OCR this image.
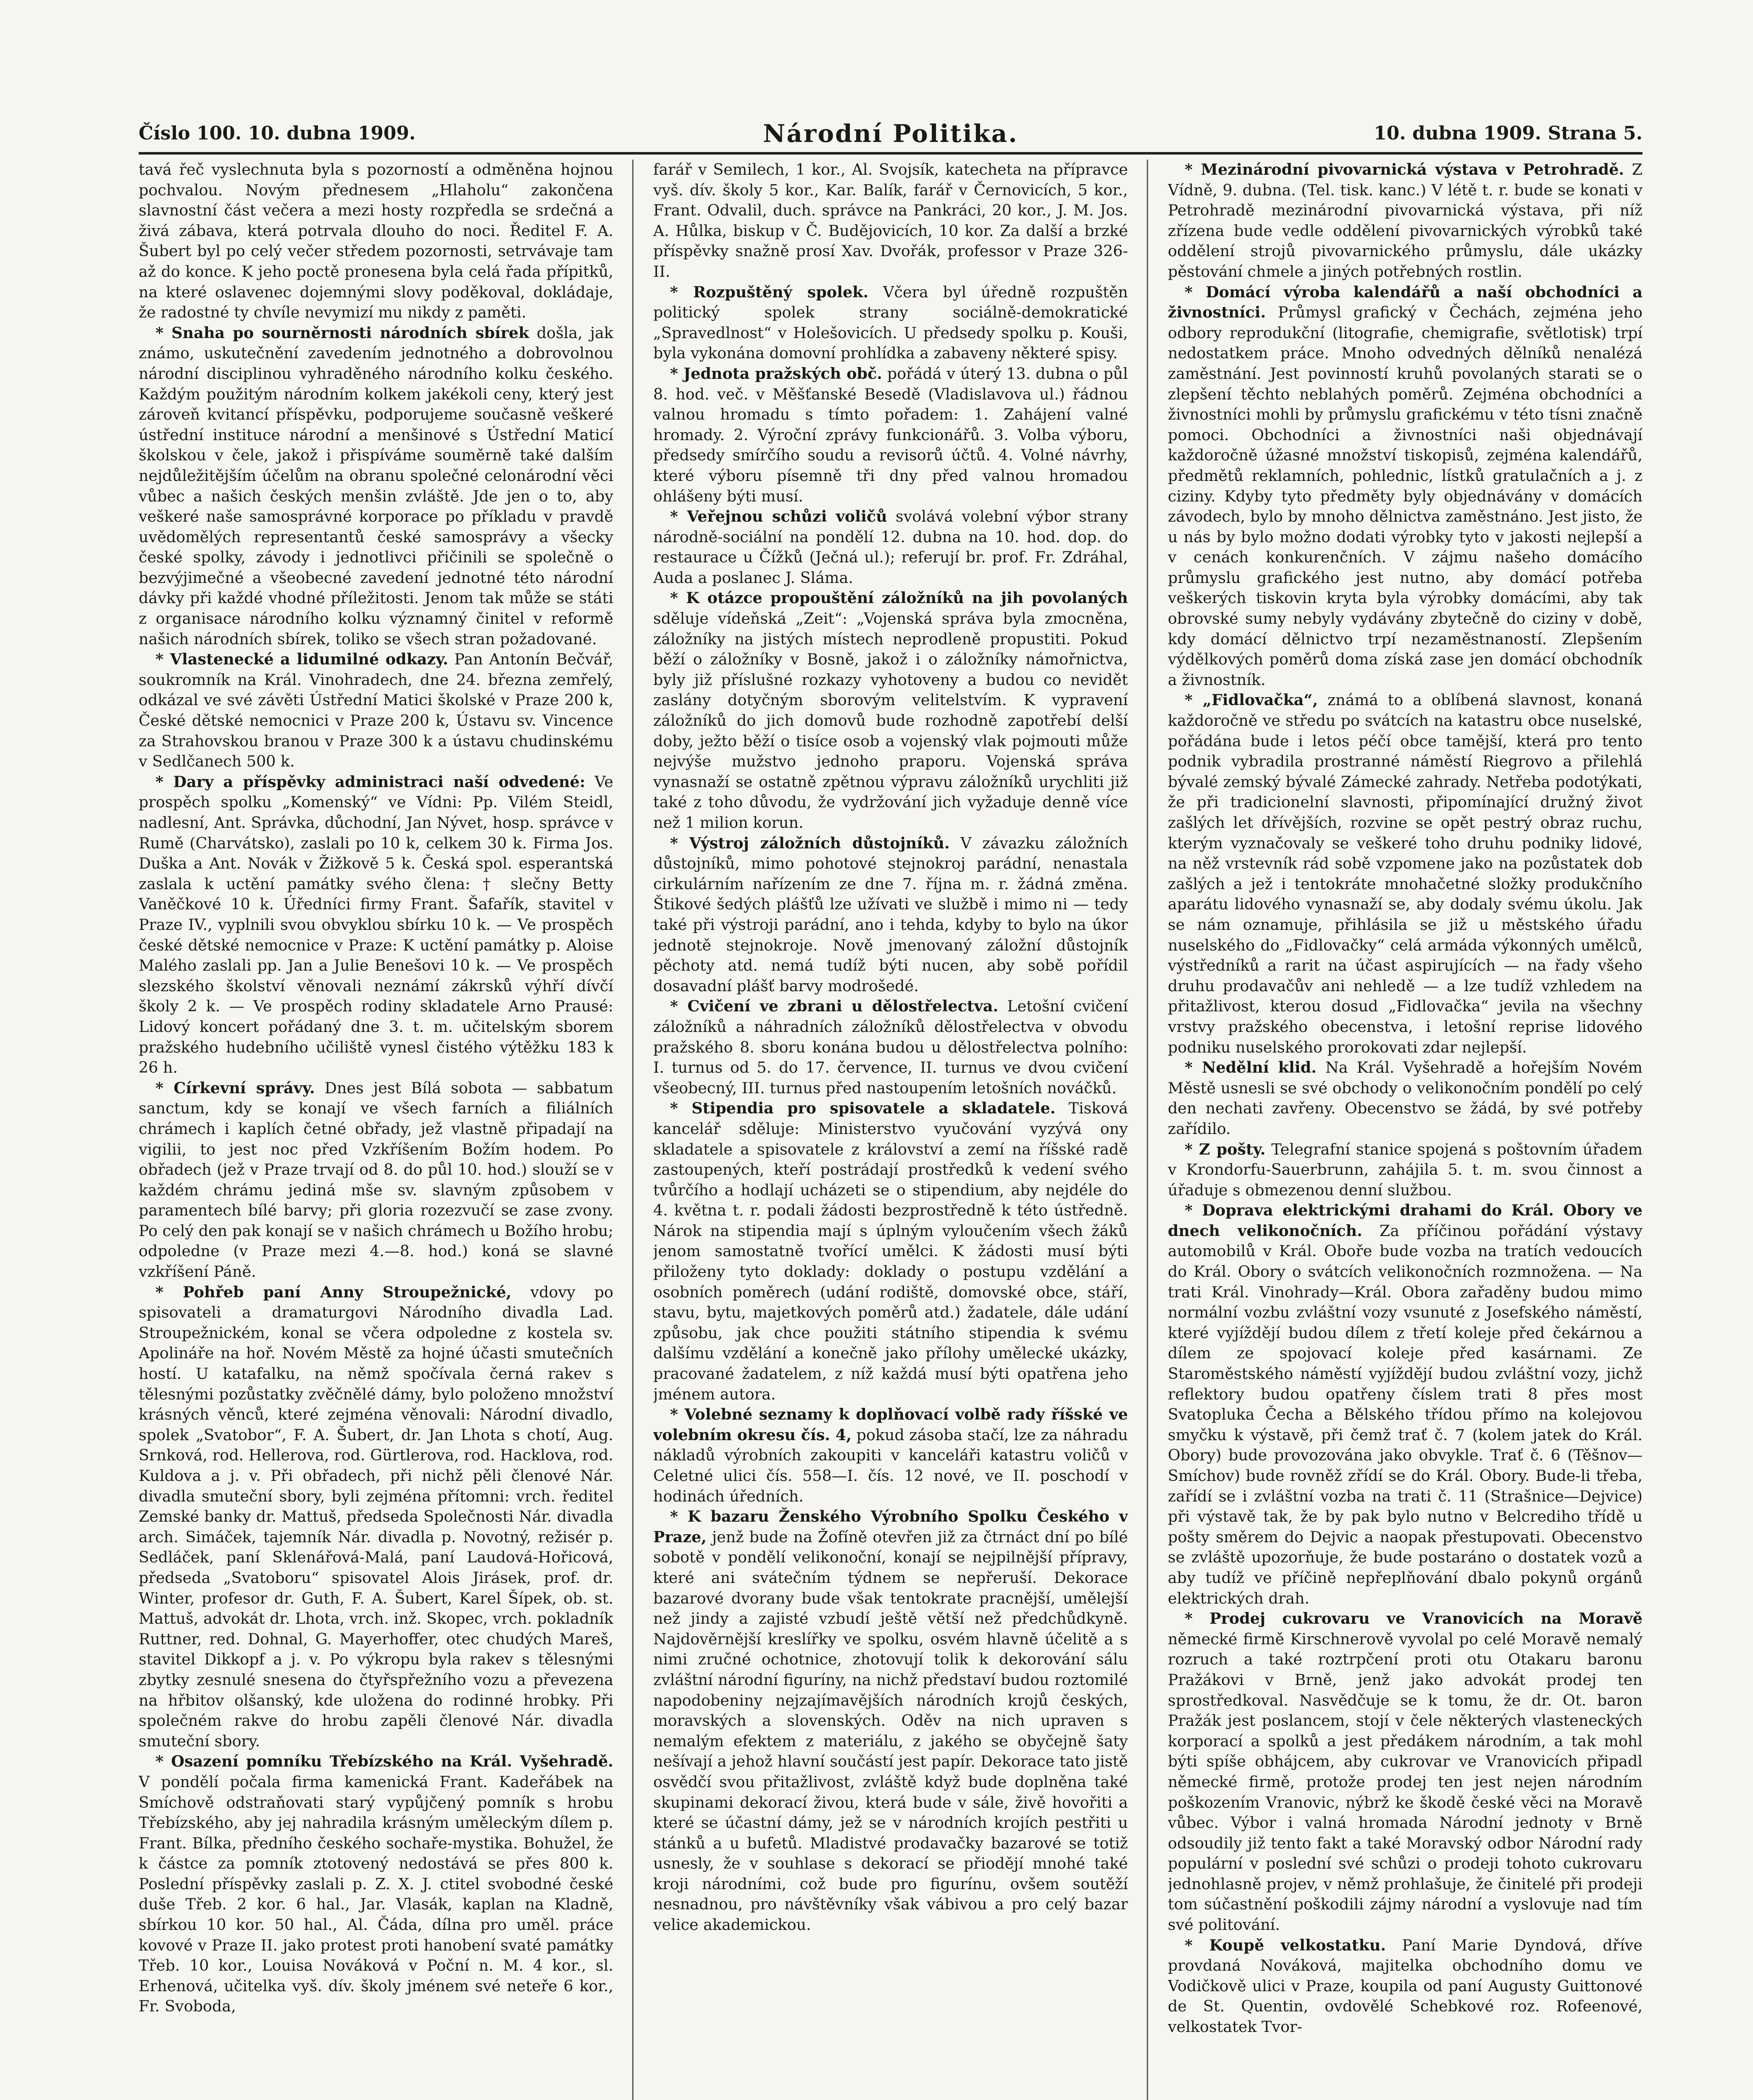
Číslo 100. 10. dubna 1909.	Národní Politika.	10. dubna 1909. Strana 5.

tavá řeč vyslechnuta byla s pozorností a odměněna hojnou pochvalou. Novým přednesem „Hlaholu“ zakončena slavnostní část večera a mezi hosty rozpředla se srdečná a živá zábava, která potrvala dlouho do noci. Ředitel F. A. Šubert byl po celý večer středem pozornosti, setrvávaje tam až do konce. K jeho poctě pronesena byla celá řada přípitků, na které oslavenec dojemnými slovy poděkoval, dokládaje, že radostné ty chvíle nevymizí mu nikdy z paměti.

* Snaha po sourněrnosti národních sbírek došla, jak známo, uskutečnění zavedením jednotného a dobrovolnou národní disciplinou vyhraděného národního kolku českého. Každým použitým národním kolkem jakékoli ceny, který jest zároveň kvitancí příspěvku, podporujeme současně veškeré ústřední instituce národní a menšinové s Ústřední Maticí školskou v čele, jakož i přispíváme souměrně také dalším nejdůležitějším účelům na obranu společné celonárodní věci vůbec a našich českých menšin zvláště. Jde jen o to, aby veškeré naše samosprávné korporace po příkladu v pravdě uvědomělých representantů české samosprávy a všecky české spolky, závody i jednotlivci přičinili se společně o bezvýjimečné a všeobecné zavedení jednotné této národní dávky při každé vhodné příležitosti. Jenom tak může se státi z organisace národního kolku významný činitel v reformě našich národních sbírek, toliko se všech stran požadované.

* Vlastenecké a lidumilné odkazy. Pan Antonín Bečvář, soukromník na Král. Vinohradech, dne 24. března zemřelý, odkázal ve své závěti Ústřední Matici školské v Praze 200 k, České dětské nemocnici v Praze 200 k, Ústavu sv. Vincence za Strahovskou branou v Praze 300 k a ústavu chudinskému v Sedlčanech 500 k.

* Dary a příspěvky administraci naší odvedené: Ve prospěch spolku „Komenský“ ve Vídni: Pp. Vilém Steidl, nadlesní, Ant. Správka, důchodní, Jan Nývet, hosp. správce v Rumě (Charvátsko), zaslali po 10 k, celkem 30 k. Firma Jos. Duška a Ant. Novák v Žižkově 5 k. Česká spol. esperantská zaslala k uctění památky svého člena: † slečny Betty Vaněčkové 10 k. Úředníci firmy Frant. Šafařík, stavitel v Praze IV., vyplnili svou obvyklou sbírku 10 k. — Ve prospěch české dětské nemocnice v Praze: K uctění památky p. Aloise Malého zaslali pp. Jan a Julie Benešovi 10 k. — Ve prospěch slezského školství věnovali neznámí zákrsků výhří dívčí školy 2 k. — Ve prospěch rodiny skladatele Arno Prausé: Lidový koncert pořádaný dne 3. t. m. učitelským sborem pražského hudebního učiliště vynesl čistého výtěžku 183 k 26 h.

* Církevní správy. Dnes jest Bílá sobota — sabbatum sanctum, kdy se konají ve všech farních a filiálních chrámech i kaplích četné obřady, jež vlastně připadají na vigilii, to jest noc před Vzkříšením Božím hodem. Po obřadech (jež v Praze trvají od 8. do půl 10. hod.) slouží se v každém chrámu jediná mše sv. slavným způsobem v paramentech bílé barvy; při gloria rozezvučí se zase zvony. Po celý den pak konají se v našich chrámech u Božího hrobu; odpoledne (v Praze mezi 4.—8. hod.) koná se slavné vzkříšení Páně.

* Pohřeb paní Anny Stroupežnické, vdovy po spisovateli a dramaturgovi Národního divadla Lad. Stroupežnickém, konal se včera odpoledne z kostela sv. Apolináře na hoř. Novém Městě za hojné účasti smutečních hostí. U katafalku, na němž spočívala černá rakev s tělesnými pozůstatky zvěčnělé dámy, bylo položeno množství krásných věnců, které zejména věnovali: Národní divadlo, spolek „Svatobor“, F. A. Šubert, dr. Jan Lhota s chotí, Aug. Srnková, rod. Hellerova, rod. Gürtlerova, rod. Hacklova, rod. Kuldova a j. v. Při obřadech, při nichž pěli členové Nár. divadla smuteční sbory, byli zejména přítomni: vrch. ředitel Zemské banky dr. Mattuš, předseda Společnosti Nár. divadla arch. Simáček, tajemník Nár. divadla p. Novotný, režisér p. Sedláček, paní Sklenářová-Malá, paní Laudová-Hořicová, předseda „Svatoboru“ spisovatel Alois Jirásek, prof. dr. Winter, profesor dr. Guth, F. A. Šubert, Karel Šípek, ob. st. Mattuš, advokát dr. Lhota, vrch. inž. Skopec, vrch. pokladník Ruttner, red. Dohnal, G. Mayerhoffer, otec chudých Mareš, stavitel Dikkopf a j. v. Po výkropu byla rakev s tělesnými zbytky zesnulé snesena do čtyřspřežního vozu a převezena na hřbitov olšanský, kde uložena do rodinné hrobky. Při společném rakve do hrobu zapěli členové Nár. divadla smuteční sbory.

* Osazení pomníku Třebízského na Král. Vyšehradě. V pondělí počala firma kamenická Frant. Kadeřábek na Smíchově odstraňovati starý vypůjčený pomník s hrobu Třebízského, aby jej nahradila krásným uměleckým dílem p. Frant. Bílka, předního českého sochaře-mystika. Bohužel, že k částce za pomník ztotovený nedostává se přes 800 k. Poslední příspěvky zaslali p. Z. X. J. ctitel svobodné české duše Třeb. 2 kor. 6 hal., Jar. Vlasák, kaplan na Kladně, sbírkou 10 kor. 50 hal., Al. Čáda, dílna pro uměl. práce kovové v Praze II. jako protest proti hanobení svaté památky Třeb. 10 kor., Louisa Nováková v Poční n. M. 4 kor., sl. Erhenová, učitelka vyš. dív. školy jménem své neteře 6 kor., Fr. Svoboda,

farář v Semilech, 1 kor., Al. Svojsík, katecheta na přípravce vyš. dív. školy 5 kor., Kar. Balík, farář v Černovicích, 5 kor., Frant. Odvalil, duch. správce na Pankráci, 20 kor., J. M. Jos. A. Hůlka, biskup v Č. Budějovicích, 10 kor. Za další a brzké příspěvky snažně prosí Xav. Dvořák, professor v Praze 326-II.

* Rozpuštěný spolek. Včera byl úředně rozpuštěn politický spolek strany sociálně-demokratické „Spravedlnost“ v Holešovicích. U předsedy spolku p. Kouši, byla vykonána domovní prohlídka a zabaveny některé spisy.

* Jednota pražských obč. pořádá v úterý 13. dubna o půl 8. hod. več. v Měšťanské Besedě (Vladislavova ul.) řádnou valnou hromadu s tímto pořadem: 1. Zahájení valné hromady. 2. Výroční zprávy funkcionářů. 3. Volba výboru, předsedy smírčího soudu a revisorů účtů. 4. Volné návrhy, které výboru písemně tři dny před valnou hromadou ohlášeny býti musí.

* Veřejnou schůzi voličů svolává volební výbor strany národně-sociální na pondělí 12. dubna na 10. hod. dop. do restaurace u Čížků (Ječná ul.); referují br. prof. Fr. Zdráhal, Auda a poslanec J. Sláma.

* K otázce propouštění záložníků na jih povolaných sděluje vídeňská „Zeit“: „Vojenská správa byla zmocněna, záložníky na jistých místech neprodleně propustiti. Pokud běží o záložníky v Bosně, jakož i o záložníky námořnictva, byly již příslušné rozkazy vyhotoveny a budou co nevidět zaslány dotyčným sborovým velitelstvím. K vypravení záložníků do jich domovů bude rozhodně zapotřebí delší doby, ježto běží o tisíce osob a vojenský vlak pojmouti může nejvýše mužstvo jednoho praporu. Vojenská správa vynasnaží se ostatně zpětnou výpravu záložníků urychliti již také z toho důvodu, že vydržování jich vyžaduje denně více než 1 milion korun.

* Výstroj záložních důstojníků. V závazku záložních důstojníků, mimo pohotové stejnokroj parádní, nenastala cirkulárním nařízením ze dne 7. října m. r. žádná změna. Štikové šedých plášťů lze užívati ve službě i mimo ni — tedy také při výstroji parádní, ano i tehda, kdyby to bylo na úkor jednotě stejnokroje. Nově jmenovaný záložní důstojník pěchoty atd. nemá tudíž býti nucen, aby sobě pořídil dosavadní plášť barvy modrošedé.

* Cvičení ve zbrani u dělostřelectva. Letošní cvičení záložníků a náhradních záložníků dělostřelectva v obvodu pražského 8. sboru konána budou u dělostřelectva polního: I. turnus od 5. do 17. července, II. turnus ve dvou cvičení všeobecný, III. turnus před nastoupením letošních nováčků.

* Stipendia pro spisovatele a skladatele. Tisková kancelář sděluje: Ministerstvo vyučování vyzývá ony skladatele a spisovatele z království a zemí na říšské radě zastoupených, kteří postrádají prostředků k vedení svého tvůrčího a hodlají ucházeti se o stipendium, aby nejdéle do 4. května t. r. podali žádosti bezprostředně k této ústředně. Nárok na stipendia mají s úplným vyloučením všech žáků jenom samostatně tvořící umělci. K žádosti musí býti přiloženy tyto doklady: doklady o postupu vzdělání a osobních poměrech (udání rodiště, domovské obce, stáří, stavu, bytu, majetkových poměrů atd.) žadatele, dále udání způsobu, jak chce použiti státního stipendia k svému dalšímu vzdělání a konečně jako přílohy umělecké ukázky, pracované žadatelem, z níž každá musí býti opatřena jeho jménem autora.

* Volebné seznamy k doplňovací volbě rady říšské ve volebním okresu čís. 4, pokud zásoba stačí, lze za náhradu nákladů výrobních zakoupiti v kanceláři katastru voličů v Celetné ulici čís. 558—I. čís. 12 nové, ve II. poschodí v hodinách úředních.

* K bazaru Ženského Výrobního Spolku Českého v Praze, jenž bude na Žofíně otevřen již za čtrnáct dní po bílé sobotě v pondělí velikonoční, konají se nejpilnější přípravy, které ani svátečním týdnem se nepřeruší. Dekorace bazarové dvorany bude však tentokrate pracnější, umělejší než jindy a zajisté vzbudí ještě větší než předchůdkyně. Najdověrnější kreslířky ve spolku, osvém hlavně účelitě a s nimi zručné ochotnice, zhotovují tolik k dekorování sálu zvláštní národní figuríny, na nichž představí budou roztomilé napodobeniny nejzajímavějších národních krojů českých, moravských a slovenských. Oděv na nich upraven s nemalým efektem z materiálu, z jakého se obyčejně šaty nešívají a jehož hlavní součástí jest papír. Dekorace tato jistě osvědčí svou přitažlivost, zvláště když bude doplněna také skupinami dekorací živou, která bude v sále, živě hovořiti a které se účastní dámy, jež se v národních krojích pestřiti u stánků a u bufetů. Mladistvé prodavačky bazarové se totiž usnesly, že v souhlase s dekorací se přiodějí mnohé také kroji národními, což bude pro figurínu, ovšem soutěží nesnadnou, pro návštěvníky však vábivou a pro celý bazar velice akademickou.

* Mezinárodní pivovarnická výstava v Petrohradě. Z Vídně, 9. dubna. (Tel. tisk. kanc.) V létě t. r. bude se konati v Petrohradě mezinárodní pivovarnická výstava, při níž zřízena bude vedle oddělení pivovarnických výrobků také oddělení strojů pivovarnického průmyslu, dále ukázky pěstování chmele a jiných potřebných rostlin.

* Domácí výroba kalendářů a naší obchodníci a živnostníci. Průmysl grafický v Čechách, zejména jeho odbory reprodukční (litografie, chemigrafie, světlotisk) trpí nedostatkem práce. Mnoho odvedných dělníků nenalézá zaměstnání. Jest povinností kruhů povolaných starati se o zlepšení těchto neblahých poměrů. Zejména obchodníci a živnostníci mohli by průmyslu grafickému v této tísni značně pomoci. Obchodníci a živnostníci naši objednávají každoročně úžasné množství tiskopisů, zejména kalendářů, předmětů reklamních, pohlednic, lístků gratulačních a j. z ciziny. Kdyby tyto předměty byly objednávány v domácích závodech, bylo by mnoho dělnictva zaměstnáno. Jest jisto, že u nás by bylo možno dodati výrobky tyto v jakosti nejlepší a v cenách konkurenčních. V zájmu našeho domácího průmyslu grafického jest nutno, aby domácí potřeba veškerých tiskovin kryta byla výrobky domácími, aby tak obrovské sumy nebyly vydávány zbytečně do ciziny v době, kdy domácí dělnictvo trpí nezaměstnaností. Zlepšením výdělkových poměrů doma získá zase jen domácí obchodník a živnostník.

* „Fidlovačka“, známá to a oblíbená slavnost, konaná každoročně ve středu po svátcích na katastru obce nuselské, pořádána bude i letos péčí obce tamější, která pro tento podnik vybradila prostranné náměstí Riegrovo a přilehlá bývalé zemský bývalé Zámecké zahrady. Netřeba podotýkati, že při tradicionelní slavnosti, připomínající družný život zašlých let dřívějších, rozvine se opět pestrý obraz ruchu, kterým vyznačovaly se veškeré toho druhu podniky lidové, na něž vrstevník rád sobě vzpomene jako na pozůstatek dob zašlých a jež i tentokráte mnohačetné složky produkčního aparátu lidového vynasnaží se, aby dodaly svému úkolu. Jak se nám oznamuje, přihlásila se již u městského úřadu nuselského do „Fidlovačky“ celá armáda výkonných umělců, výstředníků a rarit na účast aspirujících — na řady všeho druhu prodavačův ani nehledě — a lze tudíž vzhledem na přitažlivost, kterou dosud „Fidlovačka“ jevila na všechny vrstvy pražského obecenstva, i letošní reprise lidového podniku nuselského prorokovati zdar nejlepší.

* Nedělní klid. Na Král. Vyšehradě a hořejším Novém Městě usnesli se své obchody o velikonočním pondělí po celý den nechati zavřeny. Obecenstvo se žádá, by své potřeby zařídilo.

* Z pošty. Telegrafní stanice spojená s poštovním úřadem v Krondorfu-Sauerbrunn, zahájila 5. t. m. svou činnost a úřaduje s obmezenou denní službou.

* Doprava elektrickými drahami do Král. Obory ve dnech velikonočních. Za příčinou pořádání výstavy automobilů v Král. Oboře bude vozba na tratích vedoucích do Král. Obory o svátcích velikonočních rozmnožena. — Na trati Král. Vinohrady—Král. Obora zařaděny budou mimo normální vozbu zvláštní vozy vsunuté z Josefského náměstí, které vyjíždějí budou dílem z třetí koleje před čekárnou a dílem ze spojovací koleje před kasárnami. Ze Staroměstského náměstí vyjíždějí budou zvláštní vozy, jichž reflektory budou opatřeny číslem trati 8 přes most Svatopluka Čecha a Bělského třídou přímo na kolejovou smyčku k výstavě, při čemž trať č. 7 (kolem jatek do Král. Obory) bude provozována jako obvykle. Trať č. 6 (Těšnov—Smíchov) bude rovněž zřídí se do Král. Obory. Bude-li třeba, zařídí se i zvláštní vozba na trati č. 11 (Strašnice—Dejvice) při výstavě tak, že by pak bylo nutno v Belcrediho třídě u pošty směrem do Dejvic a naopak přestupovati. Obecenstvo se zvláště upozorňuje, že bude postaráno o dostatek vozů a aby tudíž ve příčině nepřeplňování dbalo pokynů orgánů elektrických drah.

* Prodej cukrovaru ve Vranovicích na Moravě německé firmě Kirschnerově vyvolal po celé Moravě nemalý rozruch a také roztrpčení proti otu Otakaru baronu Pražákovi v Brně, jenž jako advokát prodej ten sprostředkoval. Nasvědčuje se k tomu, že dr. Ot. baron Pražák jest poslancem, stojí v čele některých vlasteneckých korporací a spolků a jest předákem národním, a tak mohl býti spíše obhájcem, aby cukrovar ve Vranovicích připadl německé firmě, protože prodej ten jest nejen národním poškozením Vranovic, nýbrž ke škodě české věci na Moravě vůbec. Výbor i valná hromada Národní jednoty v Brně odsoudily již tento fakt a také Moravský odbor Národní rady populární v poslední své schůzi o prodeji tohoto cukrovaru jednohlasně projev, v němž prohlašuje, že činitelé při prodeji tom súčastnění poškodili zájmy národní a vyslovuje nad tím své politování.

* Koupě velkostatku. Paní Marie Dyndová, dříve provdaná Nováková, majitelka obchodního domu ve Vodičkově ulici v Praze, koupila od paní Augusty Guittonové de St. Quentin, ovdovělé Schebkové roz. Rofeenové, velkostatek Tvor-
